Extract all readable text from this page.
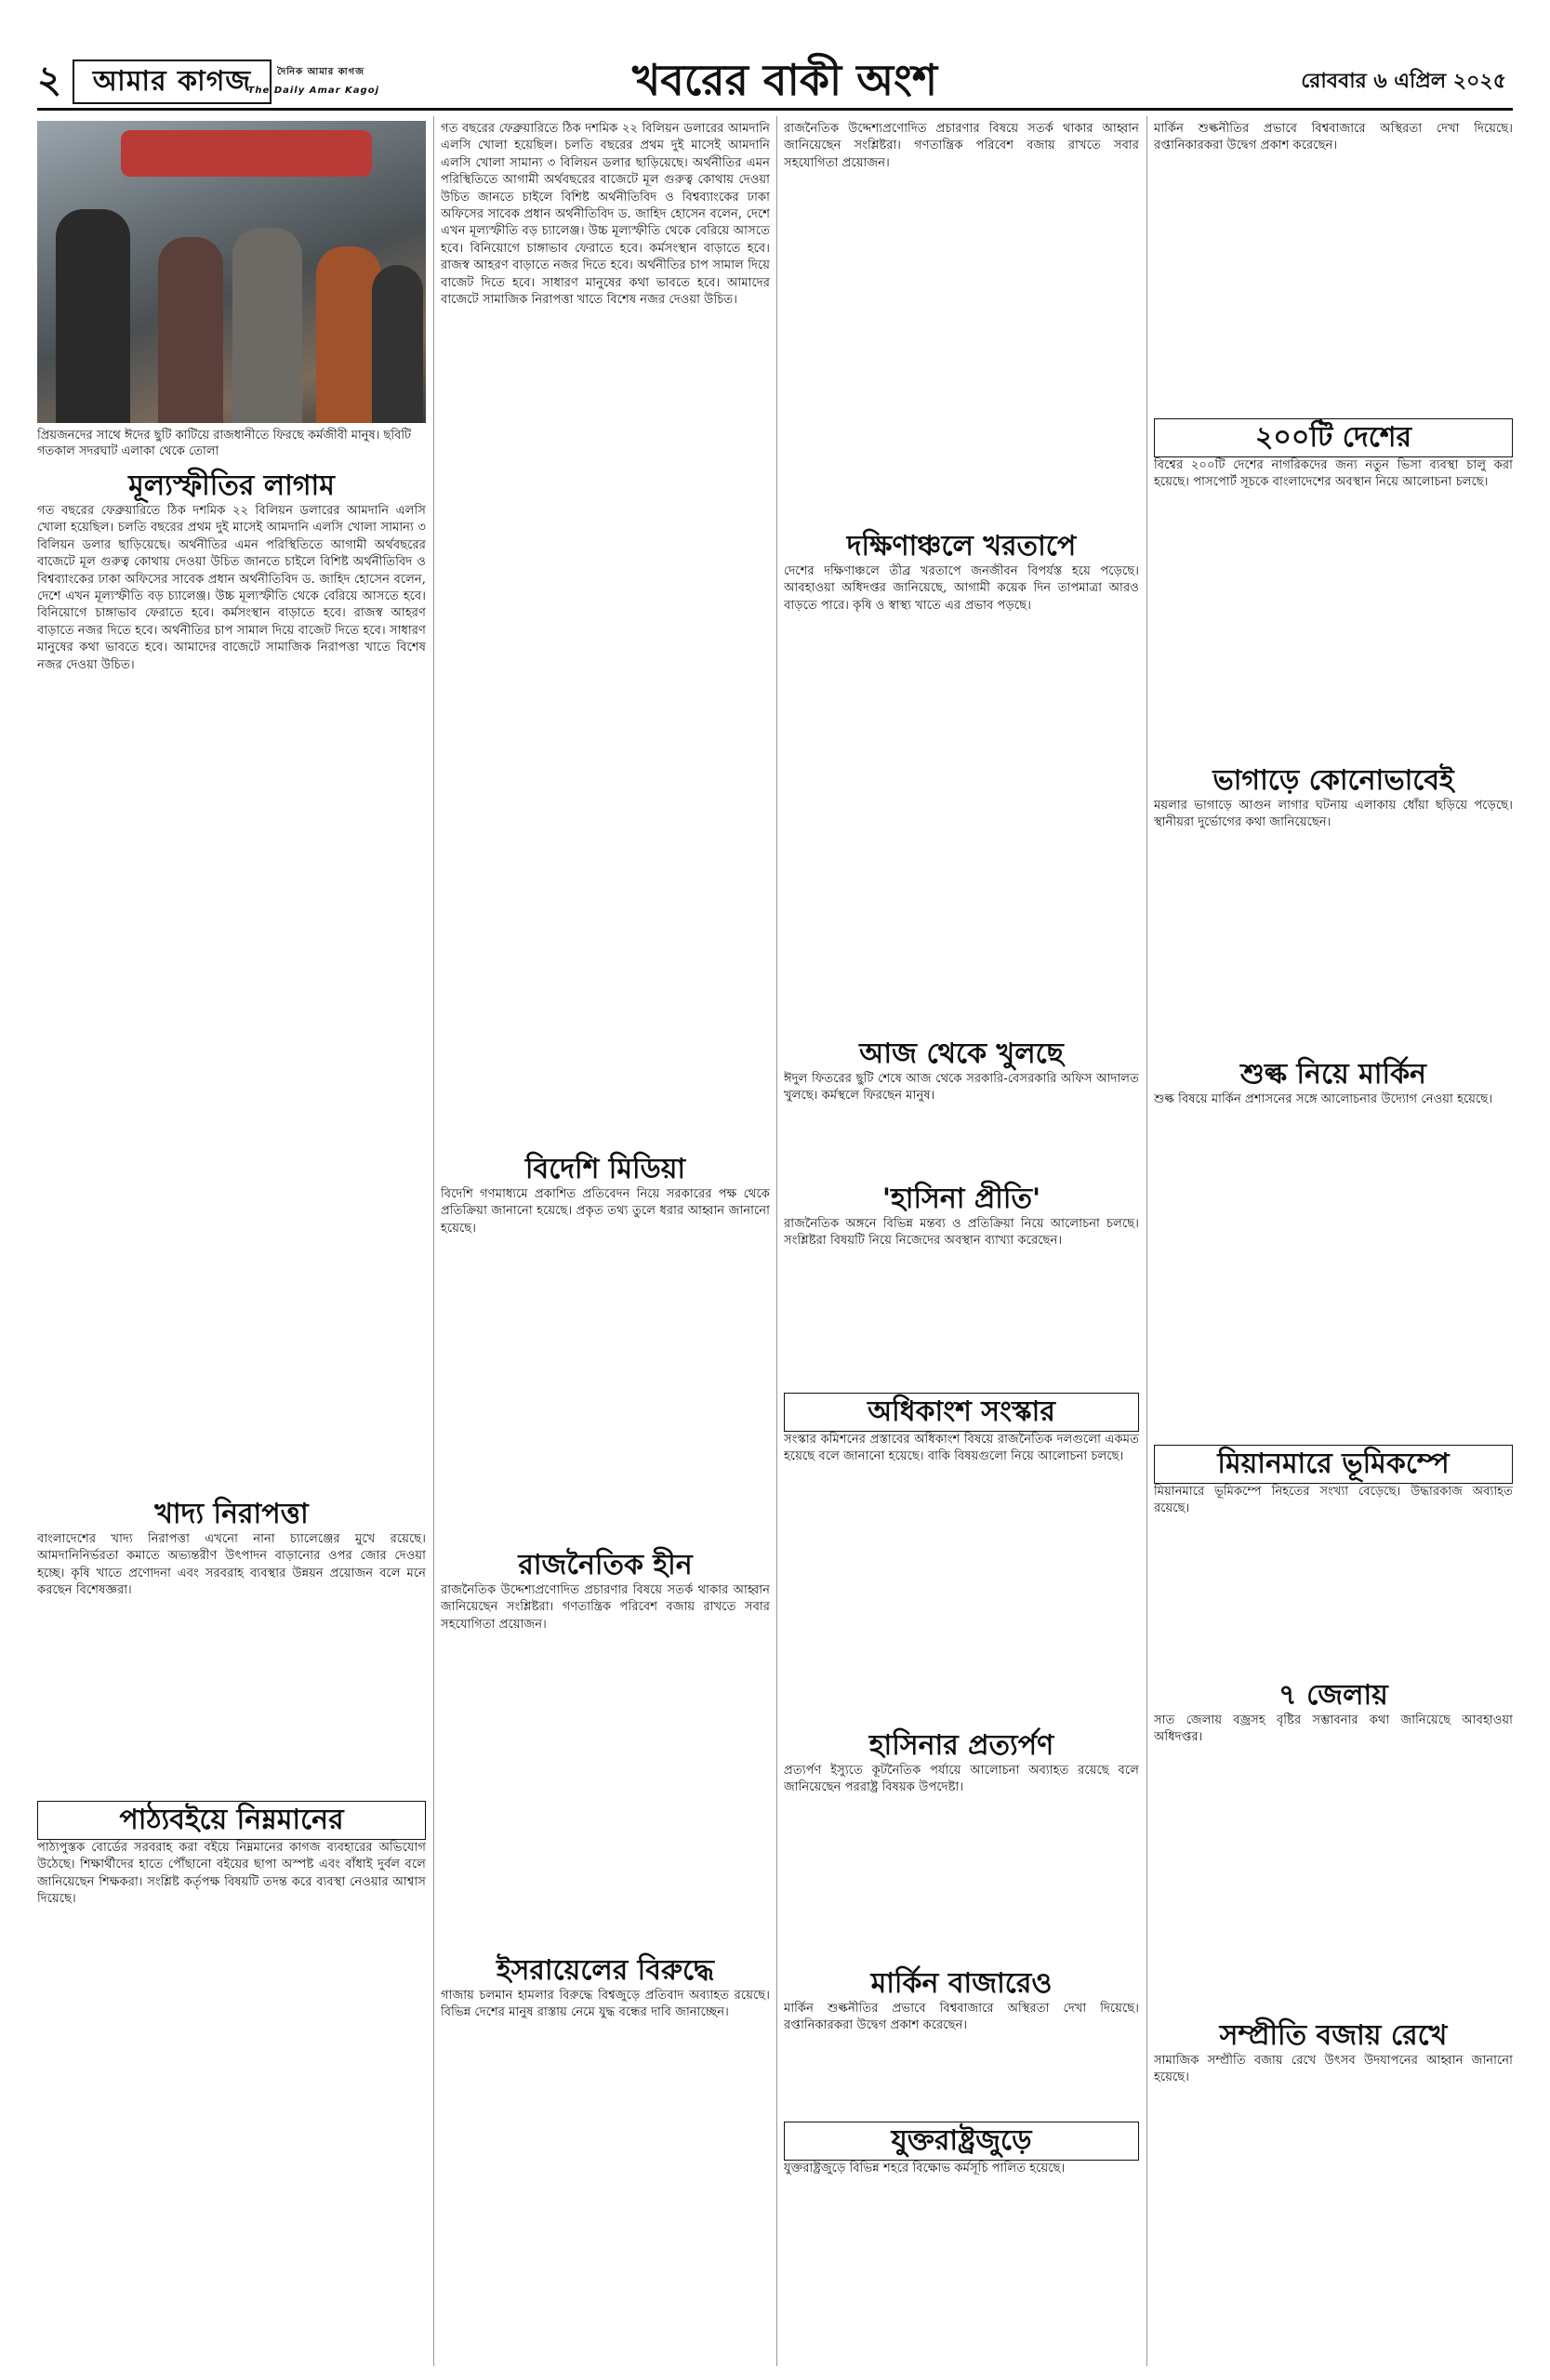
২ আমার কাগজ	দৈনিক আমার কাগজ
The Daily Amar Kagoj	খবরের বাকী অংশ	রোববার ৬ এপ্রিল ২০২৫
প্রিয়জনদের সাথে ঈদের ছুটি কাটিয়ে রাজধানীতে ফিরছে কর্মজীবী মানুষ। ছবিটি গতকাল সদরঘাট এলাকা থেকে তোলা
মূল্যস্ফীতির লাগাম
গত বছরের ফেব্রুয়ারিতে ঠিক দশমিক ২২ বিলিয়ন ডলারের আমদানি এলসি খোলা হয়েছিল। চলতি বছরের প্রথম দুই মাসেই আমদানি এলসি খোলা সামান্য ৩ বিলিয়ন ডলার ছাড়িয়েছে। অর্থনীতির এমন পরিস্থিতিতে আগামী অর্থবছরের বাজেটে মূল গুরুত্ব কোথায় দেওয়া উচিত জানতে চাইলে বিশিষ্ট অর্থনীতিবিদ ও বিশ্বব্যাংকের ঢাকা অফিসের সাবেক প্রধান অর্থনীতিবিদ ড. জাহিদ হোসেন বলেন, দেশে এখন মূল্যস্ফীতি বড় চ্যালেঞ্জ। উচ্চ মূল্যস্ফীতি থেকে বেরিয়ে আসতে হবে। বিনিয়োগে চাঙ্গাভাব ফেরাতে হবে। কর্মসংস্থান বাড়াতে হবে। রাজস্ব আহরণ বাড়াতে নজর দিতে হবে। অর্থনীতির চাপ সামাল দিয়ে বাজেট দিতে হবে। সাধারণ মানুষের কথা ভাবতে হবে। আমাদের বাজেটে সামাজিক নিরাপত্তা খাতে বিশেষ নজর দেওয়া উচিত।
খাদ্য নিরাপত্তা
বাংলাদেশের খাদ্য নিরাপত্তা এখনো নানা চ্যালেঞ্জের মুখে রয়েছে। আমদানিনির্ভরতা কমাতে অভ্যন্তরীণ উৎপাদন বাড়ানোর ওপর জোর দেওয়া হচ্ছে। কৃষি খাতে প্রণোদনা এবং সরবরাহ ব্যবস্থার উন্নয়ন প্রয়োজন বলে মনে করছেন বিশেষজ্ঞরা।
পাঠ্যবইয়ে নিম্নমানের
পাঠ্যপুস্তক বোর্ডের সরবরাহ করা বইয়ে নিম্নমানের কাগজ ব্যবহারের অভিযোগ উঠেছে। শিক্ষার্থীদের হাতে পৌঁছানো বইয়ের ছাপা অস্পষ্ট এবং বাঁধাই দুর্বল বলে জানিয়েছেন শিক্ষকরা। সংশ্লিষ্ট কর্তৃপক্ষ বিষয়টি তদন্ত করে ব্যবস্থা নেওয়ার আশ্বাস দিয়েছে।
গত বছরের ফেব্রুয়ারিতে ঠিক দশমিক ২২ বিলিয়ন ডলারের আমদানি এলসি খোলা হয়েছিল। চলতি বছরের প্রথম দুই মাসেই আমদানি এলসি খোলা সামান্য ৩ বিলিয়ন ডলার ছাড়িয়েছে। অর্থনীতির এমন পরিস্থিতিতে আগামী অর্থবছরের বাজেটে মূল গুরুত্ব কোথায় দেওয়া উচিত জানতে চাইলে বিশিষ্ট অর্থনীতিবিদ ও বিশ্বব্যাংকের ঢাকা অফিসের সাবেক প্রধান অর্থনীতিবিদ ড. জাহিদ হোসেন বলেন, দেশে এখন মূল্যস্ফীতি বড় চ্যালেঞ্জ। উচ্চ মূল্যস্ফীতি থেকে বেরিয়ে আসতে হবে। বিনিয়োগে চাঙ্গাভাব ফেরাতে হবে। কর্মসংস্থান বাড়াতে হবে। রাজস্ব আহরণ বাড়াতে নজর দিতে হবে। অর্থনীতির চাপ সামাল দিয়ে বাজেট দিতে হবে। সাধারণ মানুষের কথা ভাবতে হবে। আমাদের বাজেটে সামাজিক নিরাপত্তা খাতে বিশেষ নজর দেওয়া উচিত।
বিদেশি মিডিয়া
বিদেশি গণমাধ্যমে প্রকাশিত প্রতিবেদন নিয়ে সরকারের পক্ষ থেকে প্রতিক্রিয়া জানানো হয়েছে। প্রকৃত তথ্য তুলে ধরার আহ্বান জানানো হয়েছে।
রাজনৈতিক হীন
রাজনৈতিক উদ্দেশ্যপ্রণোদিত প্রচারণার বিষয়ে সতর্ক থাকার আহ্বান জানিয়েছেন সংশ্লিষ্টরা। গণতান্ত্রিক পরিবেশ বজায় রাখতে সবার সহযোগিতা প্রয়োজন।
ইসরায়েলের বিরুদ্ধে
গাজায় চলমান হামলার বিরুদ্ধে বিশ্বজুড়ে প্রতিবাদ অব্যাহত রয়েছে। বিভিন্ন দেশের মানুষ রাস্তায় নেমে যুদ্ধ বন্ধের দাবি জানাচ্ছেন।
রাজনৈতিক উদ্দেশ্যপ্রণোদিত প্রচারণার বিষয়ে সতর্ক থাকার আহ্বান জানিয়েছেন সংশ্লিষ্টরা। গণতান্ত্রিক পরিবেশ বজায় রাখতে সবার সহযোগিতা প্রয়োজন।
দক্ষিণাঞ্চলে খরতাপে
দেশের দক্ষিণাঞ্চলে তীব্র খরতাপে জনজীবন বিপর্যস্ত হয়ে পড়েছে। আবহাওয়া অধিদপ্তর জানিয়েছে, আগামী কয়েক দিন তাপমাত্রা আরও বাড়তে পারে। কৃষি ও স্বাস্থ্য খাতে এর প্রভাব পড়ছে।
আজ থেকে খুলছে
ঈদুল ফিতরের ছুটি শেষে আজ থেকে সরকারি-বেসরকারি অফিস আদালত খুলছে। কর্মস্থলে ফিরছেন মানুষ।
'হাসিনা প্রীতি'
রাজনৈতিক অঙ্গনে বিভিন্ন মন্তব্য ও প্রতিক্রিয়া নিয়ে আলোচনা চলছে। সংশ্লিষ্টরা বিষয়টি নিয়ে নিজেদের অবস্থান ব্যাখ্যা করেছেন।
অধিকাংশ সংস্কার
সংস্কার কমিশনের প্রস্তাবের অধিকাংশ বিষয়ে রাজনৈতিক দলগুলো একমত হয়েছে বলে জানানো হয়েছে। বাকি বিষয়গুলো নিয়ে আলোচনা চলছে।
হাসিনার প্রত্যর্পণ
প্রত্যর্পণ ইস্যুতে কূটনৈতিক পর্যায়ে আলোচনা অব্যাহত রয়েছে বলে জানিয়েছেন পররাষ্ট্র বিষয়ক উপদেষ্টা।
মার্কিন বাজারেও
মার্কিন শুল্কনীতির প্রভাবে বিশ্ববাজারে অস্থিরতা দেখা দিয়েছে। রপ্তানিকারকরা উদ্বেগ প্রকাশ করেছেন।
যুক্তরাষ্ট্রজুড়ে
যুক্তরাষ্ট্রজুড়ে বিভিন্ন শহরে বিক্ষোভ কর্মসূচি পালিত হয়েছে।
মার্কিন শুল্কনীতির প্রভাবে বিশ্ববাজারে অস্থিরতা দেখা দিয়েছে। রপ্তানিকারকরা উদ্বেগ প্রকাশ করেছেন।
২০০টি দেশের
বিশ্বের ২০০টি দেশের নাগরিকদের জন্য নতুন ভিসা ব্যবস্থা চালু করা হয়েছে। পাসপোর্ট সূচকে বাংলাদেশের অবস্থান নিয়ে আলোচনা চলছে।
ভাগাড়ে কোনোভাবেই
ময়লার ভাগাড়ে আগুন লাগার ঘটনায় এলাকায় ধোঁয়া ছড়িয়ে পড়েছে। স্থানীয়রা দুর্ভোগের কথা জানিয়েছেন।
শুল্ক নিয়ে মার্কিন
শুল্ক বিষয়ে মার্কিন প্রশাসনের সঙ্গে আলোচনার উদ্যোগ নেওয়া হয়েছে।
মিয়ানমারে ভূমিকম্পে
মিয়ানমারে ভূমিকম্পে নিহতের সংখ্যা বেড়েছে। উদ্ধারকাজ অব্যাহত রয়েছে।
৭ জেলায়
সাত জেলায় বজ্রসহ বৃষ্টির সম্ভাবনার কথা জানিয়েছে আবহাওয়া অধিদপ্তর।
সম্প্রীতি বজায় রেখে
সামাজিক সম্প্রীতি বজায় রেখে উৎসব উদযাপনের আহ্বান জানানো হয়েছে।
